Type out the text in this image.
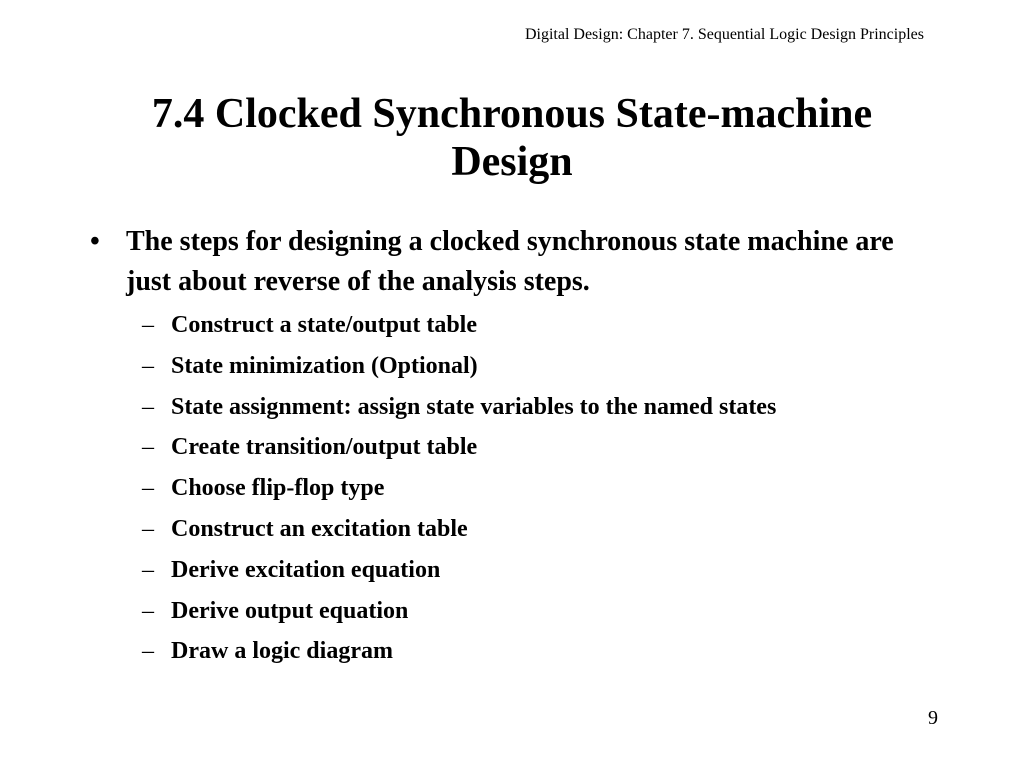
Digital Design: Chapter 7. Sequential Logic Design Principles
7.4 Clocked Synchronous State-machine
Design
• The steps for designing a clocked synchronous state machine are just about reverse of the analysis steps.
– Construct a state/output table
– State minimization (Optional)
– State assignment: assign state variables to the named states
– Create transition/output table
– Choose flip-flop type
– Construct an excitation table
– Derive excitation equation
– Derive output equation
– Draw a logic diagram
9
